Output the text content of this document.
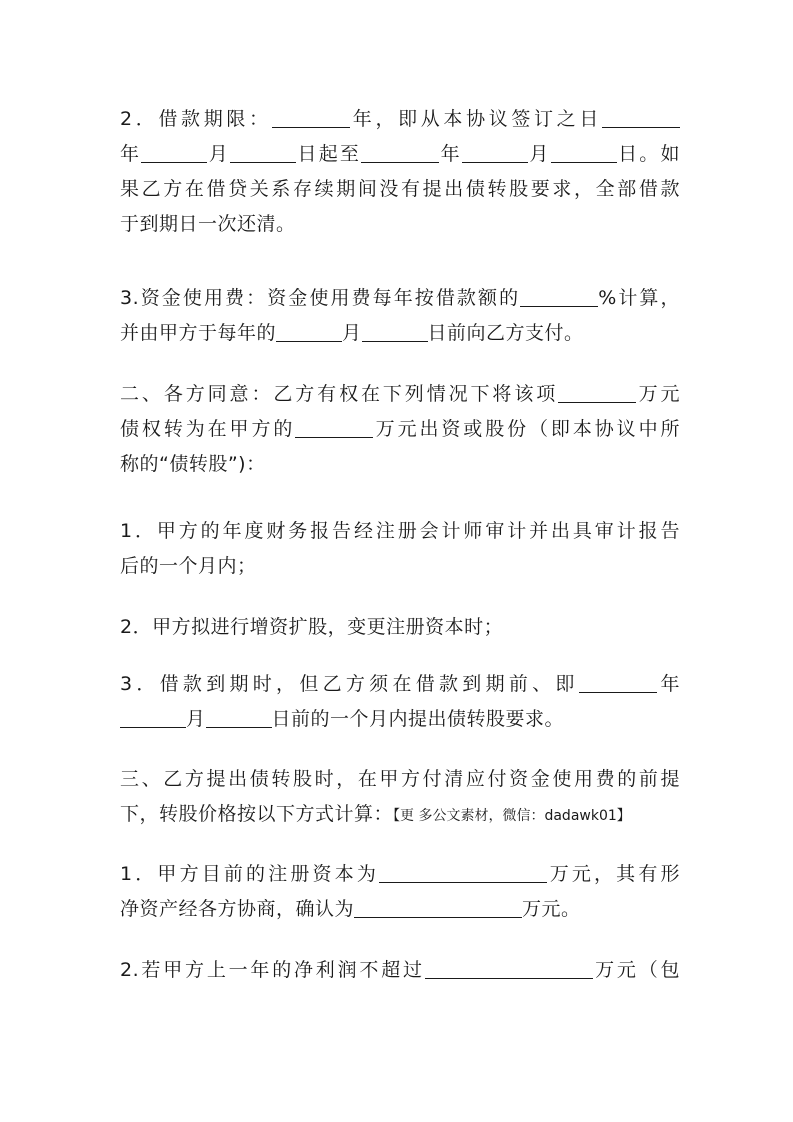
2．借款期限：	年，即从本协议签订之日
年	月	日起至	年	月	日。如
果乙方在借贷关系存续期间没有提出债转股要求，全部借款
于到期日一次还清。
3.资金使用费：资金使用费每年按借款额的	%计算，
并由甲方于每年的	月	日前向乙方支付。
二、各方同意：乙方有权在下列情况下将该项	万元
债权转为在甲方的	万元出资或股份（即本协议中所
称的“债转股”)：
1．甲方的年度财务报告经注册会计师审计并出具审计报告
后的一个月内；
2．甲方拟进行增资扩股，变更注册资本时；
3．借款到期时，但乙方须在借款到期前、即	年
月	日前的一个月内提出债转股要求。
三、乙方提出债转股时，在甲方付清应付资金使用费的前提
下，转股价格按以下方式计算：【更 多公文素材，微信：dadawk01】
1．甲方目前的注册资本为	万元，其有形
净资产经各方协商，确认为	万元。
2.若甲方上一年的净利润不超过	万元（包
